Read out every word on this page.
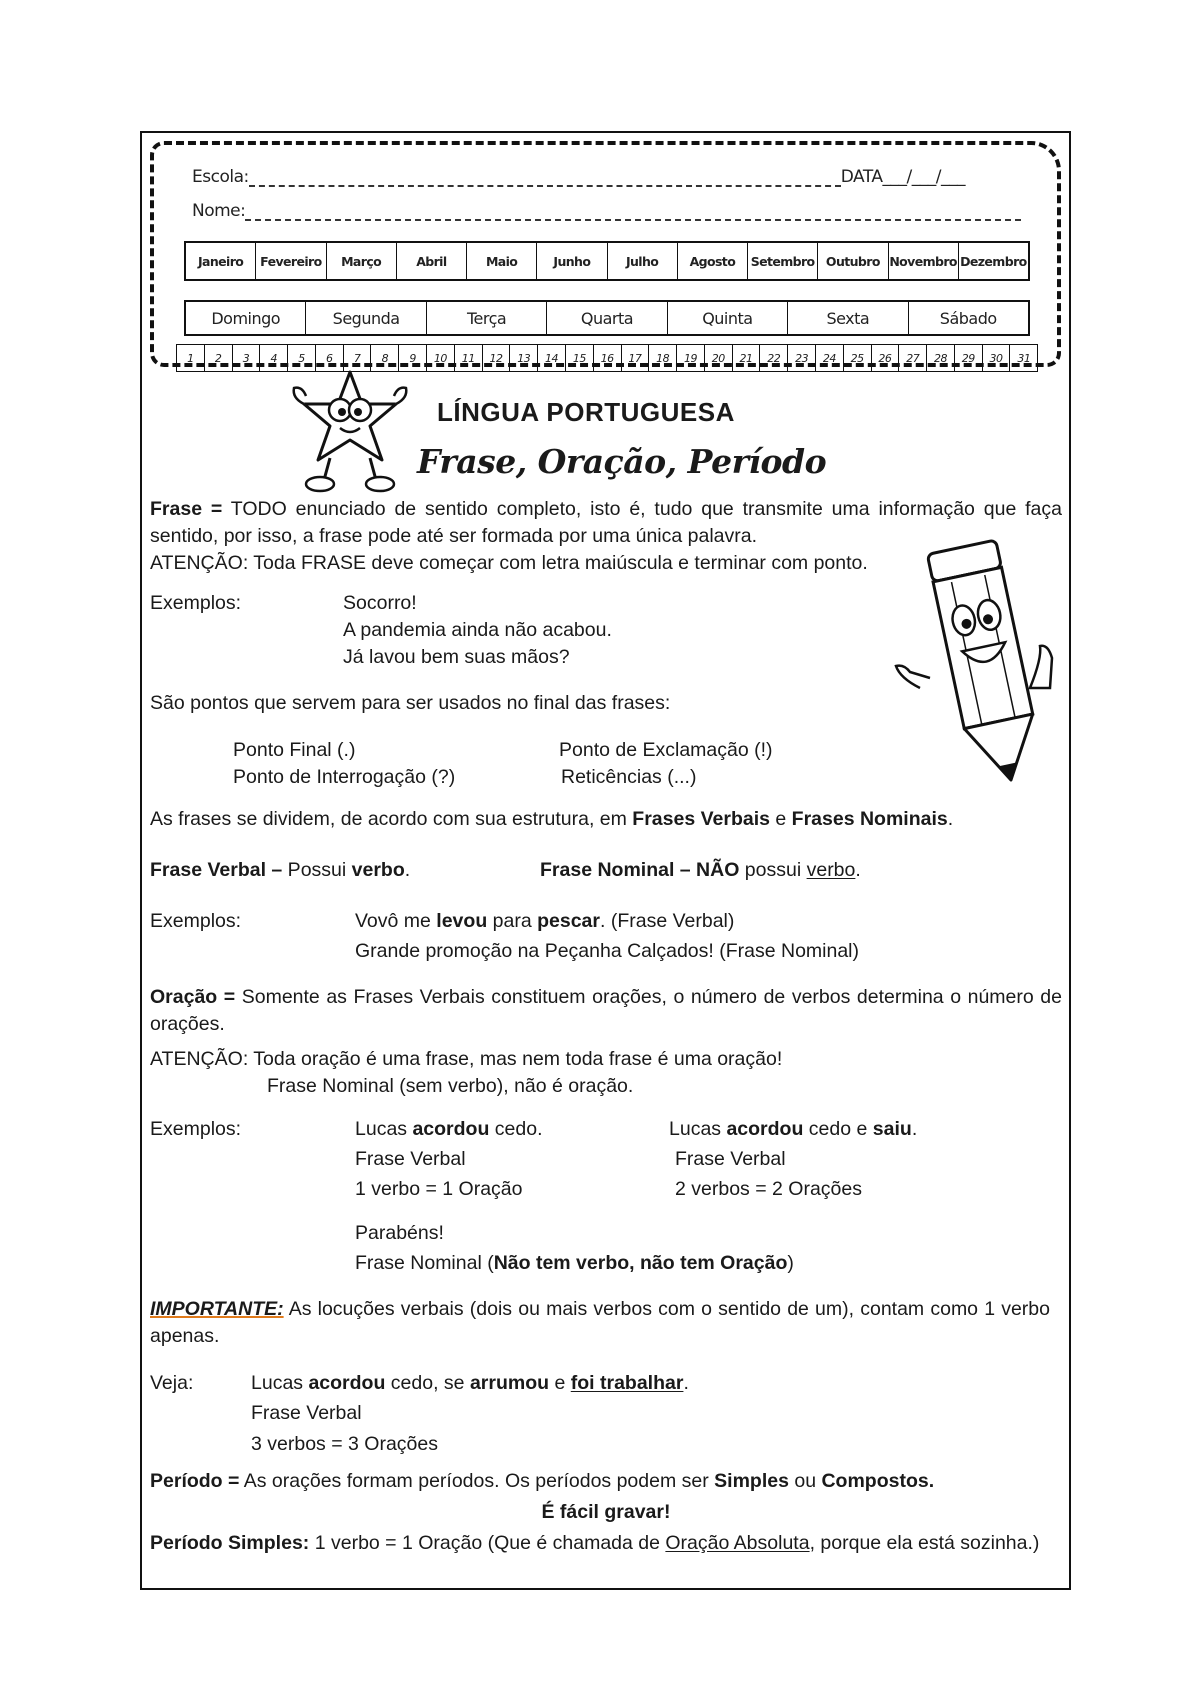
Escola:	DATA___/___/___
Nome:
Janeiro	Fevereiro	Março	Abril	Maio	Junho	Julho	Agosto	Setembro Outubro Novembro Dezembro
Domingo	Segunda	Terça	Quarta	Quinta	Sexta	Sábado
1	2	3	4	5	6	7	8	9	10	11	12	13	14	15	16	17	18	19	20	21	22	23	24	25	26	27	28	29	30	31
LÍNGUA PORTUGUESA
Frase, Oração, Período
Frase = TODO enunciado de sentido completo, isto é, tudo que transmite uma informação que faça sentido, por isso, a frase pode até ser formada por uma única palavra.
ATENÇÃO: Toda FRASE deve começar com letra maiúscula e terminar com ponto.
Exemplos:	Socorro!
A pandemia ainda não acabou.
Já lavou bem suas mãos?
São pontos que servem para ser usados no final das frases:
Ponto Final (.)	Ponto de Exclamação (!)
Ponto de Interrogação (?)	Reticências (...)
As frases se dividem, de acordo com sua estrutura, em Frases Verbais e Frases Nominais.
Frase Verbal – Possui verbo.	Frase Nominal – NÃO possui verbo.
Exemplos:	Vovô me levou para pescar. (Frase Verbal)
Grande promoção na Peçanha Calçados! (Frase Nominal)
Oração = Somente as Frases Verbais constituem orações, o número de verbos determina o número de orações.
ATENÇÃO: Toda oração é uma frase, mas nem toda frase é uma oração!
Frase Nominal (sem verbo), não é oração.
Exemplos:	Lucas acordou cedo.
Frase Verbal
1 verbo = 1 Oração
Lucas acordou cedo e saiu.
Frase Verbal
2 verbos = 2 Orações
Parabéns!
Frase Nominal (Não tem verbo, não tem Oração)
IMPORTANTE: As locuções verbais (dois ou mais verbos com o sentido de um), contam como 1 verbo apenas.
Veja:	Lucas acordou cedo, se arrumou e foi trabalhar.
Frase Verbal
3 verbos = 3 Orações
Período = As orações formam períodos. Os períodos podem ser Simples ou Compostos.
É fácil gravar!
Período Simples: 1 verbo = 1 Oração (Que é chamada de Oração Absoluta, porque ela está sozinha.)
